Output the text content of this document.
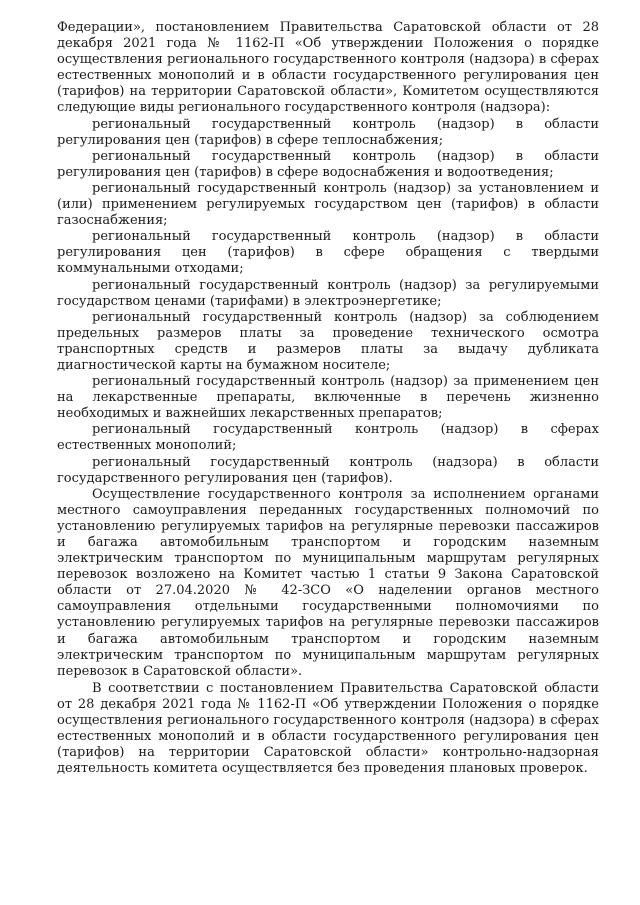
Федерации», постановлением Правительства Саратовской области от 28 декабря 2021 года № 1162-П «Об утверждении Положения о порядке осуществления регионального государственного контроля (надзора) в сферах естественных монополий и в области государственного регулирования цен (тарифов) на территории Саратовской области», Комитетом осуществляются следующие виды регионального государственного контроля (надзора):

региональный государственный контроль (надзор) в области регулирования цен (тарифов) в сфере теплоснабжения;

региональный государственный контроль (надзор) в области регулирования цен (тарифов) в сфере водоснабжения и водоотведения;

региональный государственный контроль (надзор) за установлением и (или) применением регулируемых государством цен (тарифов) в области газоснабжения;

региональный государственный контроль (надзор) в области регулирования цен (тарифов) в сфере обращения с твердыми коммунальными отходами;

региональный государственный контроль (надзор) за регулируемыми государством ценами (тарифами) в электроэнергетике;

региональный государственный контроль (надзор) за соблюдением предельных размеров платы за проведение технического осмотра транспортных средств и размеров платы за выдачу дубликата диагностической карты на бумажном носителе;

региональный государственный контроль (надзор) за применением цен на лекарственные препараты, включенные в перечень жизненно необходимых и важнейших лекарственных препаратов;

региональный государственный контроль (надзор) в сферах естественных монополий;

региональный государственный контроль (надзора) в области государственного регулирования цен (тарифов).

Осуществление государственного контроля за исполнением органами местного самоуправления переданных государственных полномочий по установлению регулируемых тарифов на регулярные перевозки пассажиров и багажа автомобильным транспортом и городским наземным электрическим транспортом по муниципальным маршрутам регулярных перевозок возложено на Комитет частью 1 статьи 9 Закона Саратовской области от 27.04.2020 № 42-ЗСО «О наделении органов местного самоуправления отдельными государственными полномочиями по установлению регулируемых тарифов на регулярные перевозки пассажиров и багажа автомобильным транспортом и городским наземным электрическим транспортом по муниципальным маршрутам регулярных перевозок в Саратовской области».

В соответствии с постановлением Правительства Саратовской области от 28 декабря 2021 года № 1162-П «Об утверждении Положения о порядке осуществления регионального государственного контроля (надзора) в сферах естественных монополий и в области государственного регулирования цен (тарифов) на территории Саратовской области» контрольно-надзорная деятельность комитета осуществляется без проведения плановых проверок.
